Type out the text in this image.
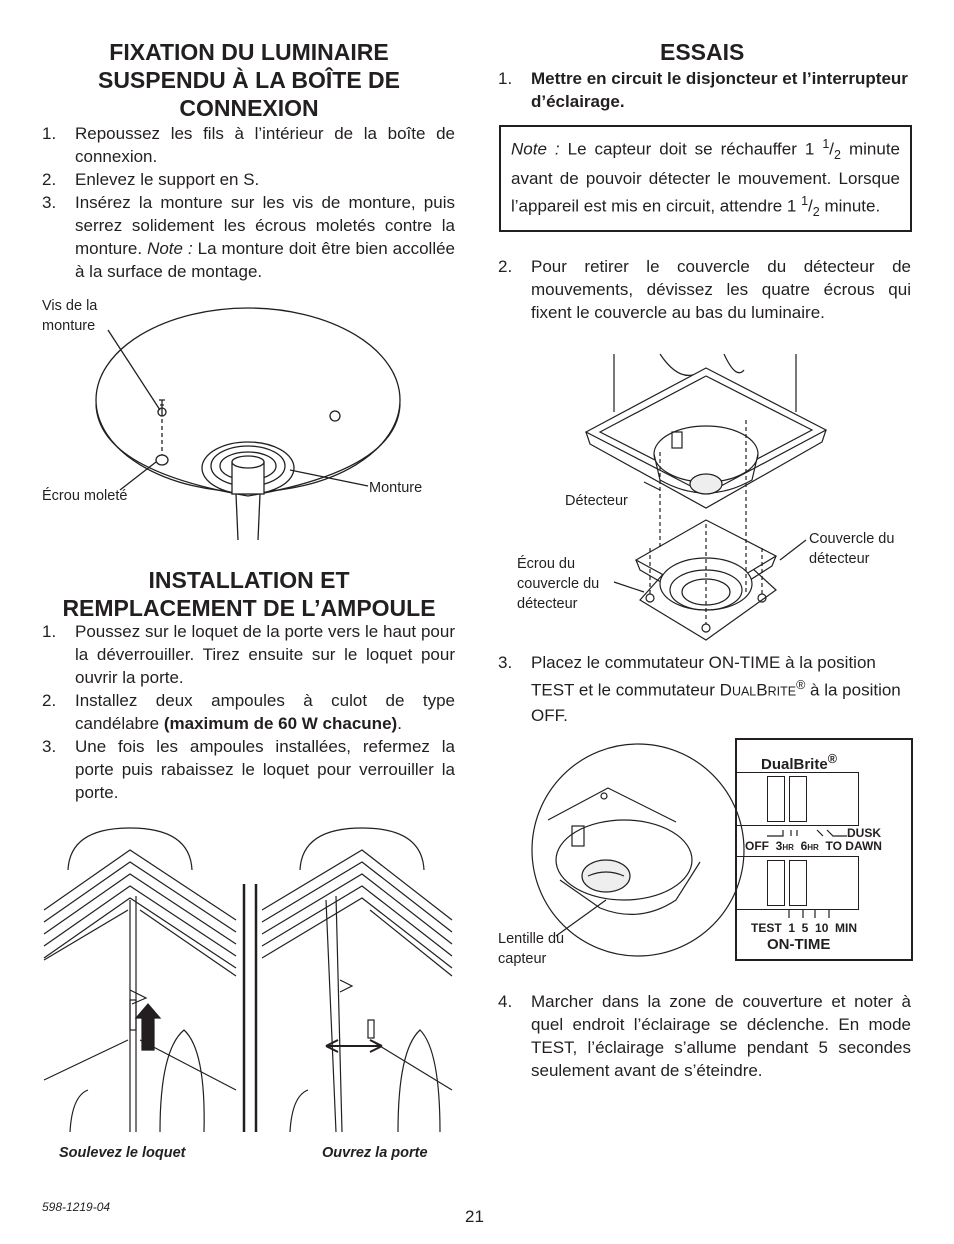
FIXATION DU LUMINAIRE
SUSPENDU À LA BOÎTE DE
CONNEXION
1. Repoussez les fils à l’intérieur de la boîte de connexion.
2. Enlevez le support en S.
3. Insérez la monture sur les vis de monture, puis serrez solidement les écrous moletés contre la monture. Note : La monture doit être bien accollée à la surface de montage.
Vis de la
monture
Écrou moleté	Monture
INSTALLATION ET
REMPLACEMENT DE L’AMPOULE
1. Poussez sur le loquet de la porte vers le haut pour la déverrouiller. Tirez ensuite sur le loquet pour ouvrir la porte.
2. Installez deux ampoules à culot de type candélabre (maximum de 60 W chacune).
3. Une fois les ampoules installées, refermez la porte puis rabaissez le loquet pour verrouiller la porte.
Soulevez le loquet	Ouvrez la porte
ESSAIS
1. Mettre en circuit le disjoncteur et l’interrupteur d’éclairage.
Note : Le capteur doit se réchauffer 1 $^1/_2$ minute avant de pouvoir détecter le mouvement. Lorsque l’appareil est mis en circuit, attendre 1 $^1/_2$ minute.
2. Pour retirer le couvercle du détecteur de mouvements, dévissez les quatre écrous qui fixent le couvercle au bas du luminaire.
Détecteur
Couvercle du
détecteur
Écrou du
couvercle du
détecteur
3. Placez le commutateur ON-TIME à la position TEST et le commutateur DUALBRITE® à la position OFF.
Lentille du
capteur
DualBrite®
DUSK
OFF 3HR 6HR TO DAWN
TEST  1  5  10  MIN
ON-TIME
4. Marcher dans la zone de couverture et noter à quel endroit l’éclairage se déclenche. En mode TEST, l’éclairage s’allume pendant 5 secondes seulement avant de s’éteindre.
598-1219-04	21
